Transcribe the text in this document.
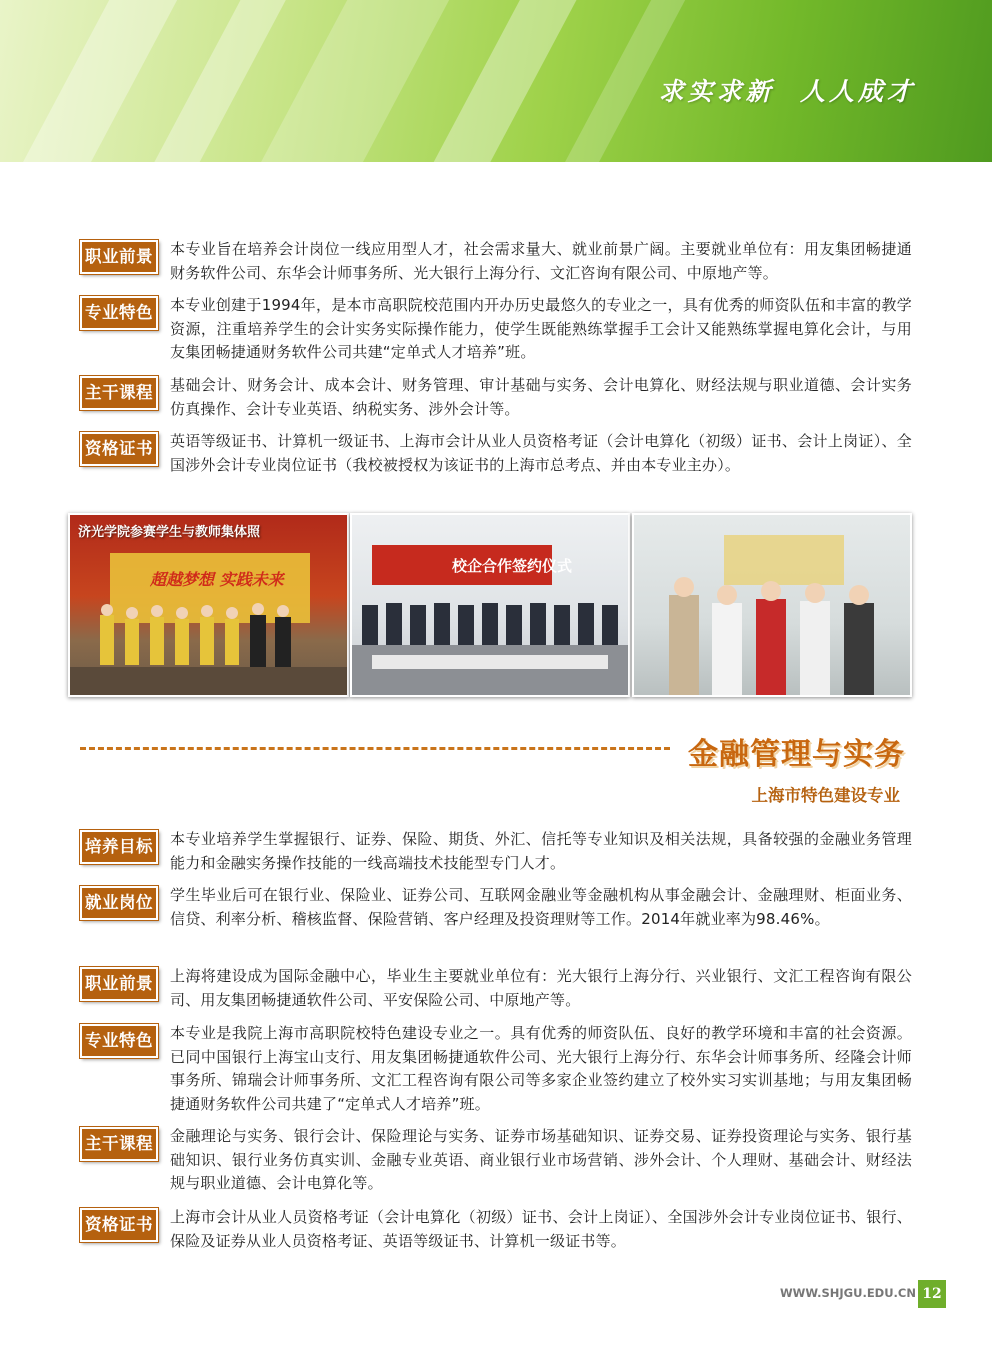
求实求新  人人成才
职业前景	本专业旨在培养会计岗位一线应用型人才，社会需求量大、就业前景广阔。主要就业单位有：用友集团畅捷通财务软件公司、东华会计师事务所、光大银行上海分行、文汇咨询有限公司、中原地产等。
专业特色	本专业创建于1994年，是本市高职院校范围内开办历史最悠久的专业之一，具有优秀的师资队伍和丰富的教学资源，注重培养学生的会计实务实际操作能力，使学生既能熟练掌握手工会计又能熟练掌握电算化会计，与用友集团畅捷通财务软件公司共建“定单式人才培养”班。
主干课程	基础会计、财务会计、成本会计、财务管理、审计基础与实务、会计电算化、财经法规与职业道德、会计实务仿真操作、会计专业英语、纳税实务、涉外会计等。
资格证书	英语等级证书、计算机一级证书、上海市会计从业人员资格考证（会计电算化（初级）证书、会计上岗证）、全国涉外会计专业岗位证书（我校被授权为该证书的上海市总考点、并由本专业主办）。
超越梦想 实践未来
济光学院参赛学生与教师集体照
校企合作签约仪式
金融管理与实务
上海市特色建设专业
培养目标	本专业培养学生掌握银行、证券、保险、期货、外汇、信托等专业知识及相关法规，具备较强的金融业务管理能力和金融实务操作技能的一线高端技术技能型专门人才。
就业岗位	学生毕业后可在银行业、保险业、证券公司、互联网金融业等金融机构从事金融会计、金融理财、柜面业务、信贷、利率分析、稽核监督、保险营销、客户经理及投资理财等工作。2014年就业率为98.46%。
职业前景	上海将建设成为国际金融中心，毕业生主要就业单位有：光大银行上海分行、兴业银行、文汇工程咨询有限公司、用友集团畅捷通软件公司、平安保险公司、中原地产等。
专业特色	本专业是我院上海市高职院校特色建设专业之一。具有优秀的师资队伍、良好的教学环境和丰富的社会资源。已同中国银行上海宝山支行、用友集团畅捷通软件公司、光大银行上海分行、东华会计师事务所、经隆会计师事务所、锦瑞会计师事务所、文汇工程咨询有限公司等多家企业签约建立了校外实习实训基地；与用友集团畅捷通财务软件公司共建了“定单式人才培养”班。
主干课程	金融理论与实务、银行会计、保险理论与实务、证券市场基础知识、证券交易、证券投资理论与实务、银行基础知识、银行业务仿真实训、金融专业英语、商业银行业市场营销、涉外会计、个人理财、基础会计、财经法规与职业道德、会计电算化等。
资格证书	上海市会计从业人员资格考证（会计电算化（初级）证书、会计上岗证）、全国涉外会计专业岗位证书、银行、保险及证券从业人员资格考证、英语等级证书、计算机一级证书等。
WWW.SHJGU.EDU.CN 12
